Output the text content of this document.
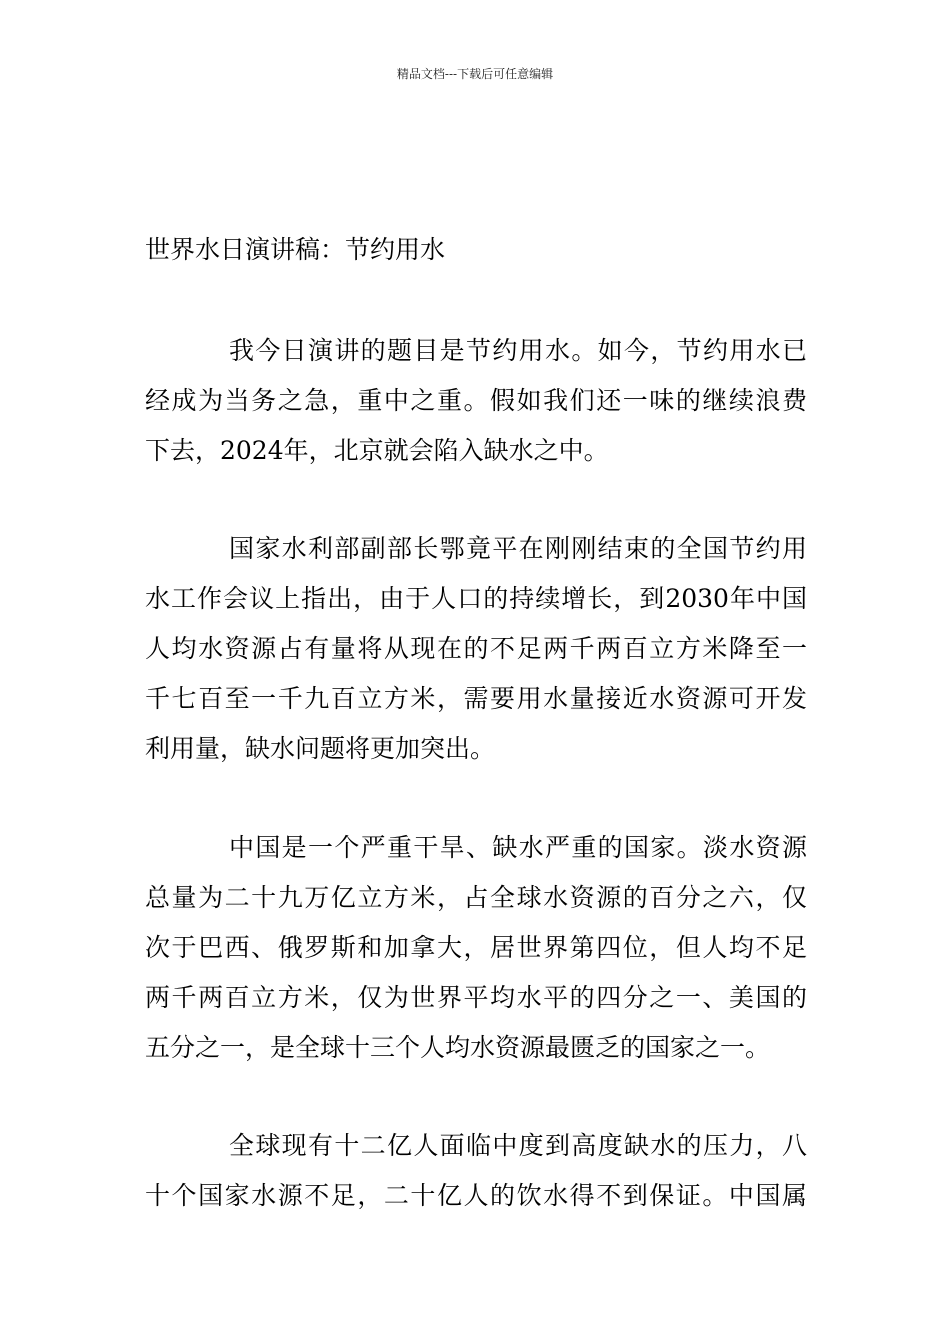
精品文档---下载后可任意编辑
世界水日演讲稿：节约用水
我今日演讲的题目是节约用水。如今，节约用水已
经成为当务之急，重中之重。假如我们还一味的继续浪费
下去，2024年，北京就会陷入缺水之中。
国家水利部副部长鄂竟平在刚刚结束的全国节约用
水工作会议上指出，由于人口的持续增长，到2030年中国
人均水资源占有量将从现在的不足两千两百立方米降至一
千七百至一千九百立方米，需要用水量接近水资源可开发
利用量，缺水问题将更加突出。
中国是一个严重干旱、缺水严重的国家。淡水资源
总量为二十九万亿立方米，占全球水资源的百分之六，仅
次于巴西、俄罗斯和加拿大，居世界第四位，但人均不足
两千两百立方米，仅为世界平均水平的四分之一、美国的
五分之一，是全球十三个人均水资源最匮乏的国家之一。
全球现有十二亿人面临中度到高度缺水的压力，八
十个国家水源不足，二十亿人的饮水得不到保证。中国属
